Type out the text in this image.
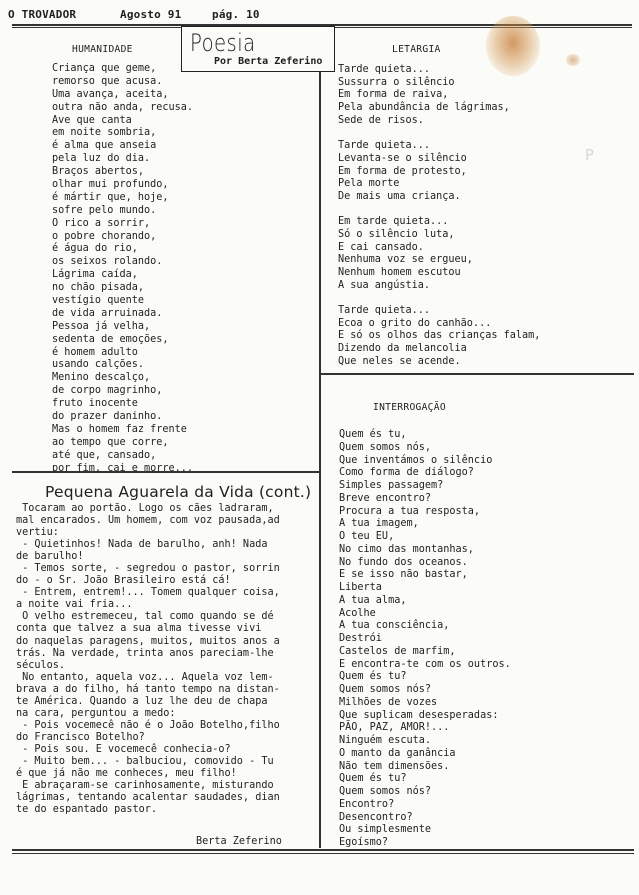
O TROVADOR	Agosto 91	pág. 10
P
Poesia
Por Berta Zeferino
HUMANIDADE
Criança que geme,
remorso que acusa.
Uma avança, aceita,
outra não anda, recusa.
Ave que canta
em noite sombria,
é alma que anseia
pela luz do dia.
Braços abertos,
olhar mui profundo,
é mártir que, hoje,
sofre pelo mundo.
O rico a sorrir,
o pobre chorando,
é água do rio,
os seixos rolando.
Lágrima caída,
no chão pisada,
vestígio quente
de vida arruinada.
Pessoa já velha,
sedenta de emoções,
é homem adulto
usando calções.
Menino descalço,
de corpo magrinho,
fruto inocente
do prazer daninho.
Mas o homem faz frente
ao tempo que corre,
até que, cansado,
por fim, cai e morre...
LETARGIA
Tarde quieta...
Sussurra o silêncio
Em forma de raiva,
Pela abundância de lágrimas,
Sede de risos.
Tarde quieta...
Levanta-se o silêncio
Em forma de protesto,
Pela morte
De mais uma criança.
Em tarde quieta...
Só o silêncio luta,
E cai cansado.
Nenhuma voz se ergueu,
Nenhum homem escutou
A sua angústia.
Tarde quieta...
Ecoa o grito do canhão...
E só os olhos das crianças falam,
Dizendo da melancolia
Que neles se acende.
INTERROGAÇÃO
Quem és tu,
Quem somos nós,
Que inventámos o silêncio
Como forma de diálogo?
Simples passagem?
Breve encontro?
Procura a tua resposta,
A tua imagem,
O teu EU,
No cimo das montanhas,
No fundo dos oceanos.
E se isso não bastar,
Liberta
A tua alma,
Acolhe
A tua consciência,
Destrói
Castelos de marfim,
E encontra-te com os outros.
Quem és tu?
Quem somos nós?
Milhões de vozes
Que suplicam desesperadas:
PÃO, PAZ, AMOR!...
Ninguém escuta.
O manto da ganância
Não tem dimensões.
Quem és tu?
Quem somos nós?
Encontro?
Desencontro?
Ou simplesmente
Egoísmo?
Pequena Aguarela da Vida (cont.)
Tocaram ao portão. Logo os cães ladraram,
mal encarados. Um homem, com voz pausada,ad
vertiu:
- Quietinhos! Nada de barulho, anh! Nada
de barulho!
- Temos sorte, - segredou o pastor, sorrin
do - o Sr. João Brasileiro está cá!
- Entrem, entrem!... Tomem qualquer coisa,
a noite vai fria...
O velho estremeceu, tal como quando se dé
conta que talvez a sua alma tivesse vivi
do naquelas paragens, muitos, muitos anos a
trás. Na verdade, trinta anos pareciam-lhe
séculos.
No entanto, aquela voz... Aquela voz lem-
brava a do filho, há tanto tempo na distan-
te América. Quando a luz lhe deu de chapa
na cara, perguntou a medo:
- Pois vocemecê não é o João Botelho,filho
do Francisco Botelho?
- Pois sou. E vocemecê conhecia-o?
- Muito bem... - balbuciou, comovido - Tu
é que já não me conheces, meu filho!
E abraçaram-se carinhosamente, misturando
lágrimas, tentando acalentar saudades, dian
te do espantado pastor.
Berta Zeferino
